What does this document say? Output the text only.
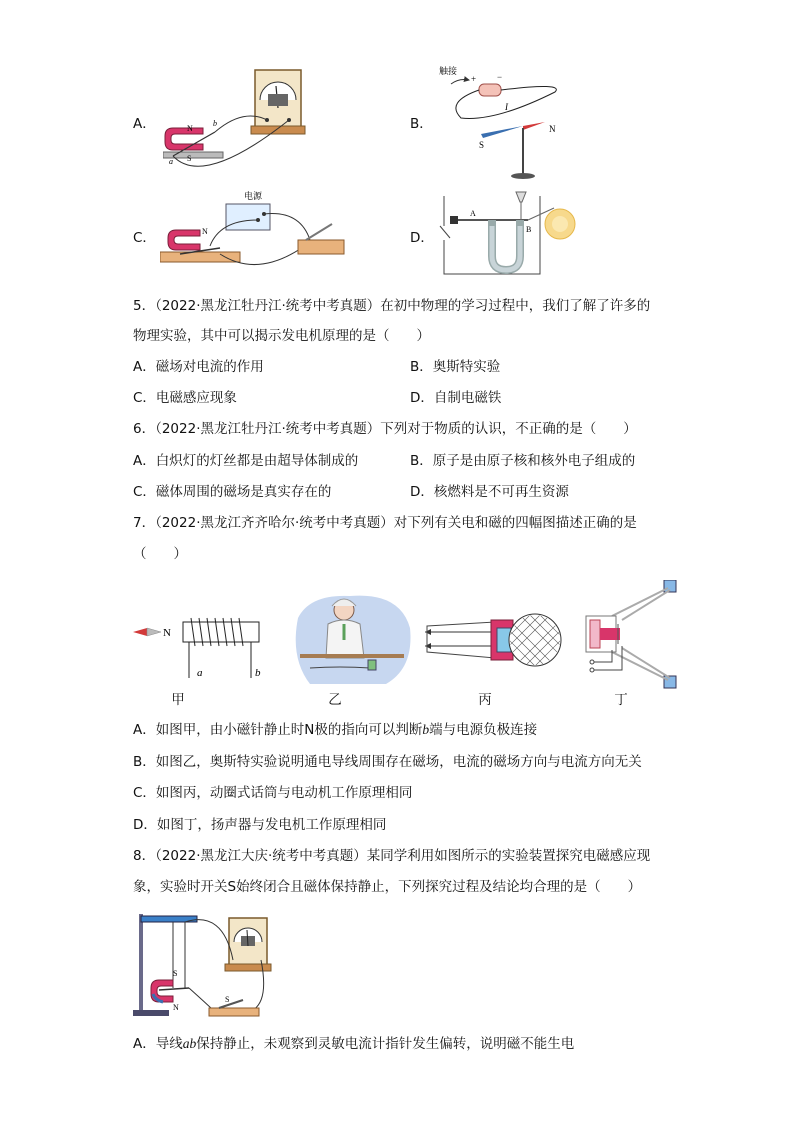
A．	N
S
a
b	B．
触接
+ −
I
N
S
C．
电源
N	D．
A
B
5．（2022·黑龙江牡丹江·统考中考真题）在初中物理的学习过程中，我们了解了许多的
物理实验，其中可以揭示发电机原理的是（　　）
A．磁场对电流的作用	B．奥斯特实验
C．电磁感应现象	D．自制电磁铁
6．（2022·黑龙江牡丹江·统考中考真题）下列对于物质的认识，不正确的是（　　）
A．白炽灯的灯丝都是由超导体制成的	B．原子是由原子核和核外电子组成的
C．磁体周围的磁场是真实存在的	D．核燃料是不可再生资源
7．（2022·黑龙江齐齐哈尔·统考中考真题）对下列有关电和磁的四幅图描述正确的是
（　　）
N
a	b
甲	乙	丙	丁
A．如图甲，由小磁针静止时N极的指向可以判断b端与电源负极连接
B．如图乙，奥斯特实验说明通电导线周围存在磁场，电流的磁场方向与电流方向无关
C．如图丙，动圈式话筒与电动机工作原理相同
D．如图丁，扬声器与发电机工作原理相同
8．（2022·黑龙江大庆·统考中考真题）某同学利用如图所示的实验装置探究电磁感应现
象，实验时开关S始终闭合且磁体保持静止，下列探究过程及结论均合理的是（　　）
S
N
S
A．导线ab保持静止，未观察到灵敏电流计指针发生偏转，说明磁不能生电
